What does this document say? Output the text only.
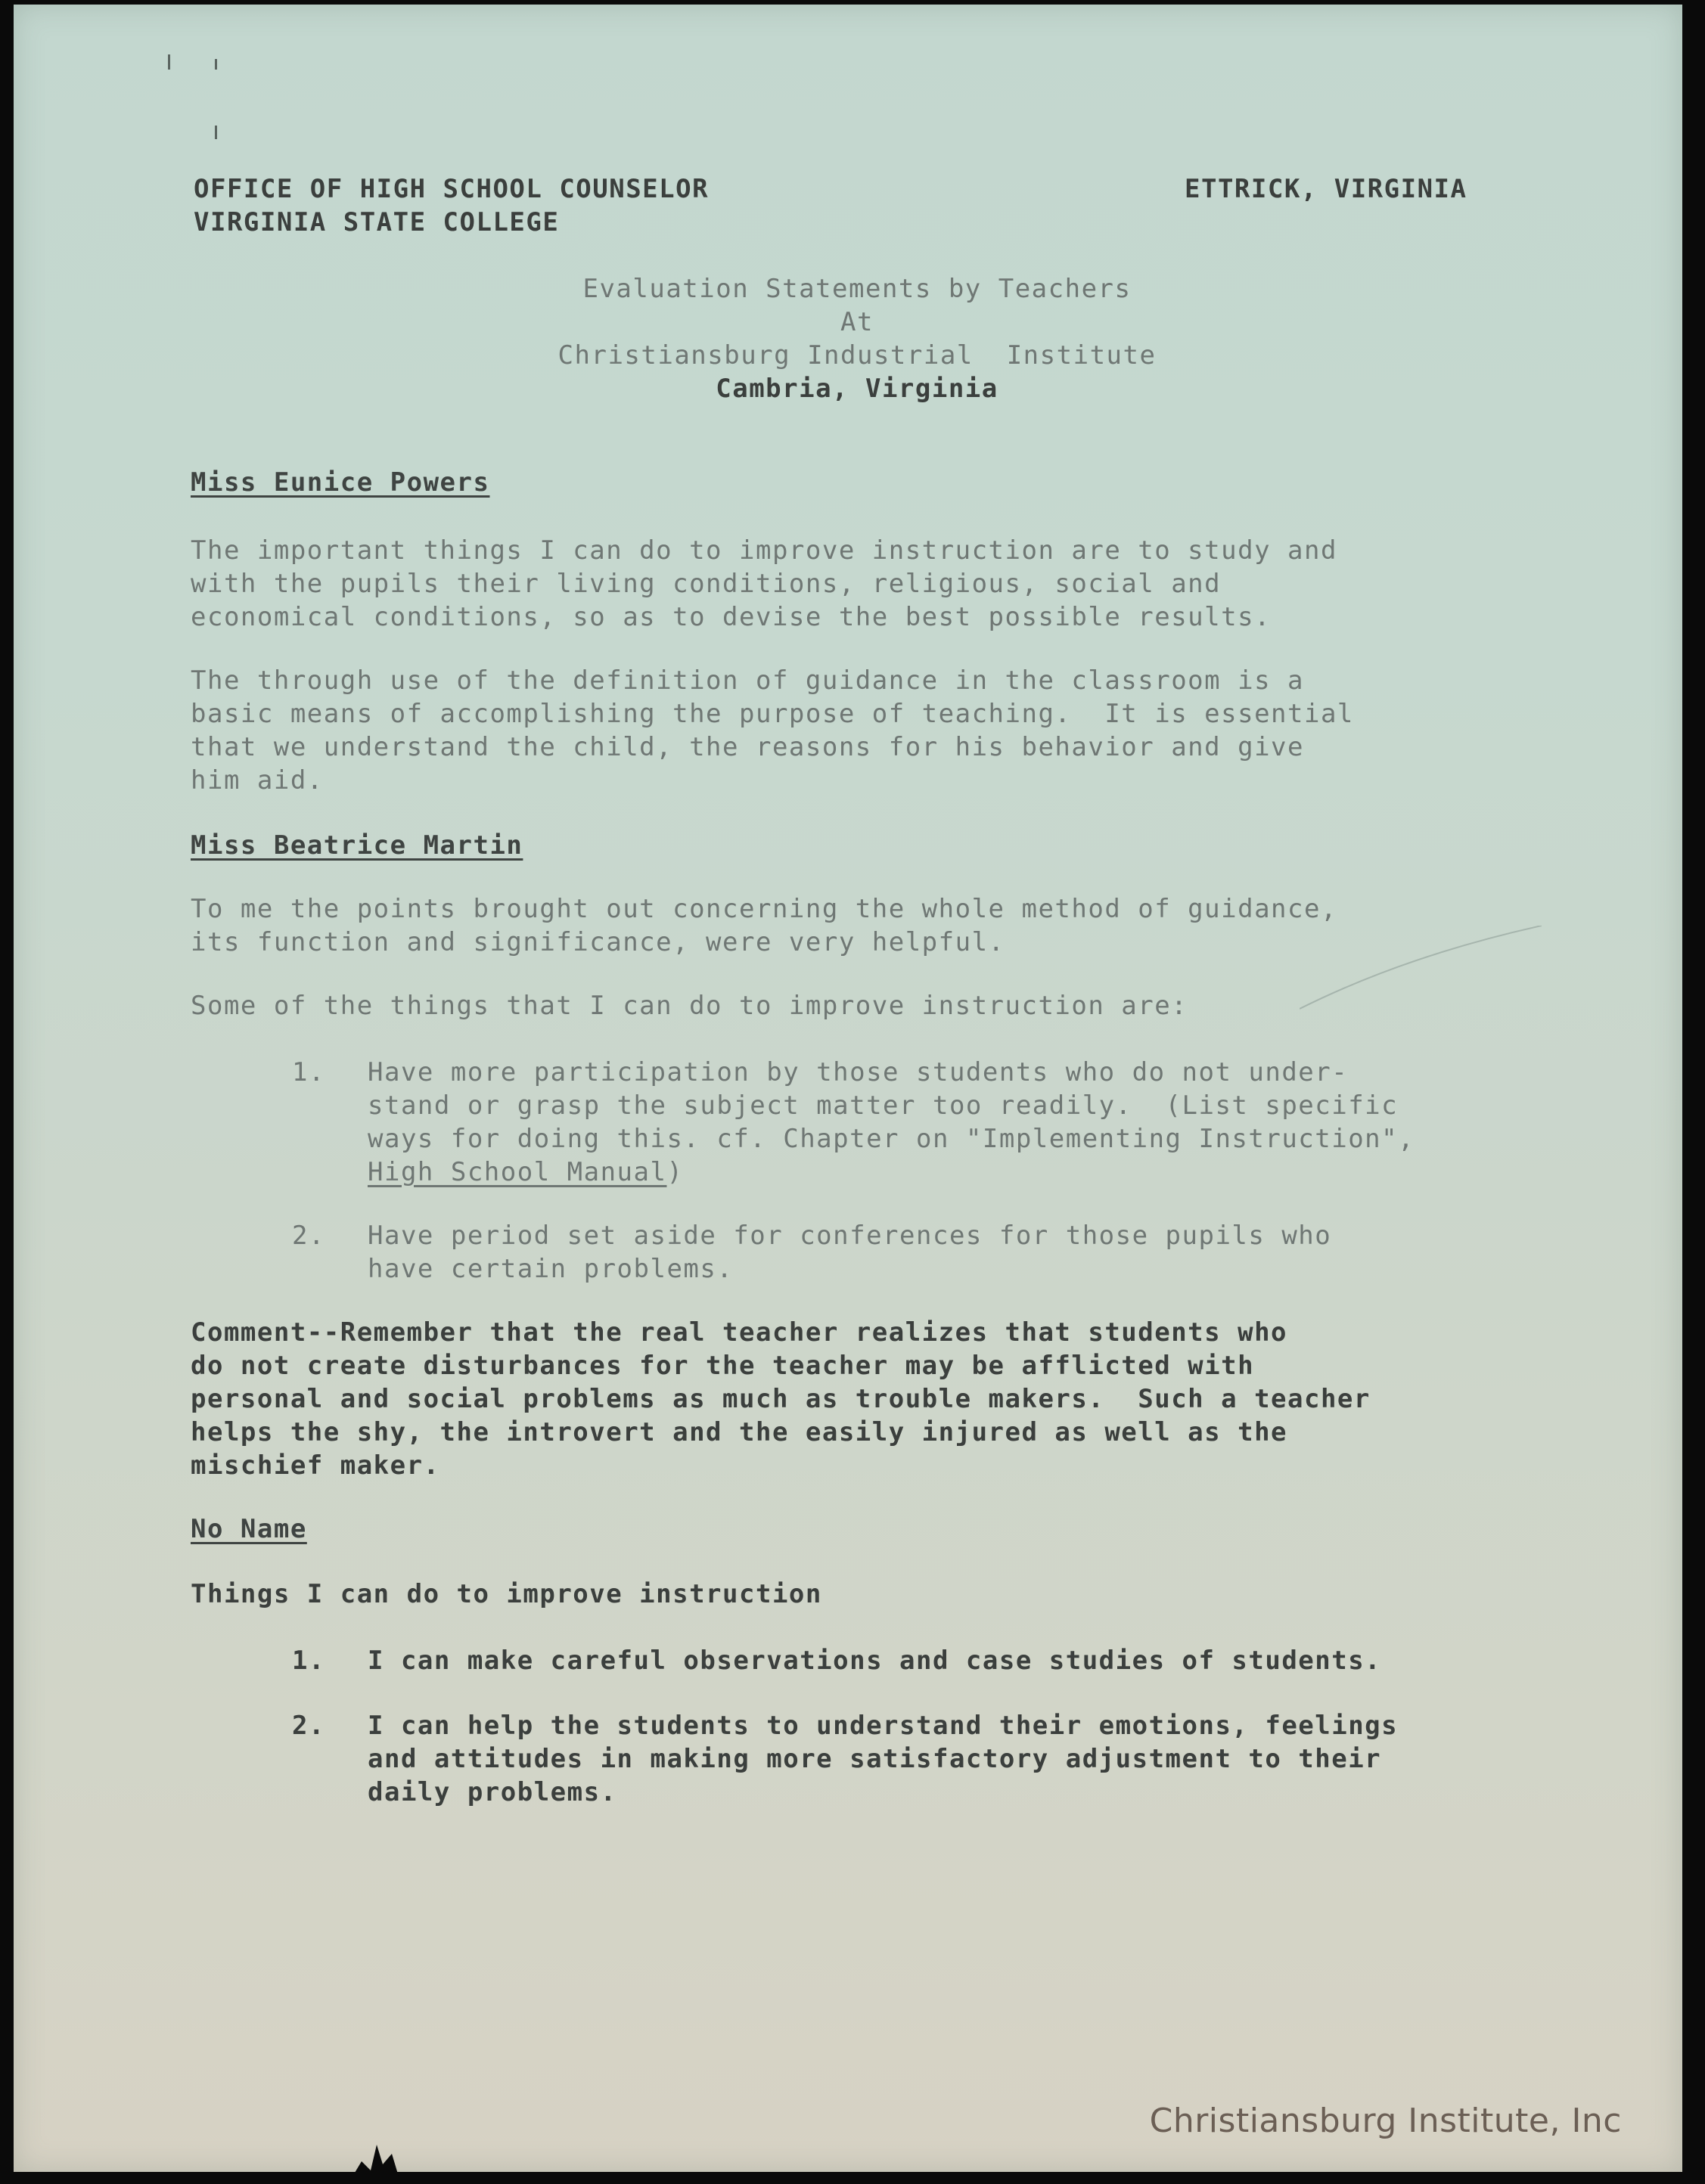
OFFICE OF HIGH SCHOOL COUNSELOR
VIRGINIA STATE COLLEGE
ETTRICK, VIRGINIA
Evaluation Statements by Teachers
At
Christiansburg Industrial  Institute
Cambria, Virginia
Miss Eunice Powers
The important things I can do to improve instruction are to study and
with the pupils their living conditions, religious, social and
economical conditions, so as to devise the best possible results.
The through use of the definition of guidance in the classroom is a
basic means of accomplishing the purpose of teaching.  It is essential
that we understand the child, the reasons for his behavior and give
him aid.
Miss Beatrice Martin
To me the points brought out concerning the whole method of guidance,
its function and significance, were very helpful.
Some of the things that I can do to improve instruction are:
1. Have more participation by those students who do not under-
stand or grasp the subject matter too readily.  (List specific
ways for doing this. cf. Chapter on "Implementing Instruction",
High School Manual)
2. Have period set aside for conferences for those pupils who
have certain problems.
Comment--Remember that the real teacher realizes that students who
do not create disturbances for the teacher may be afflicted with
personal and social problems as much as trouble makers.  Such a teacher
helps the shy, the introvert and the easily injured as well as the
mischief maker.
No Name
Things I can do to improve instruction
1. I can make careful observations and case studies of students.
2. I can help the students to understand their emotions, feelings
and attitudes in making more satisfactory adjustment to their
daily problems.
Christiansburg Institute, Inc
